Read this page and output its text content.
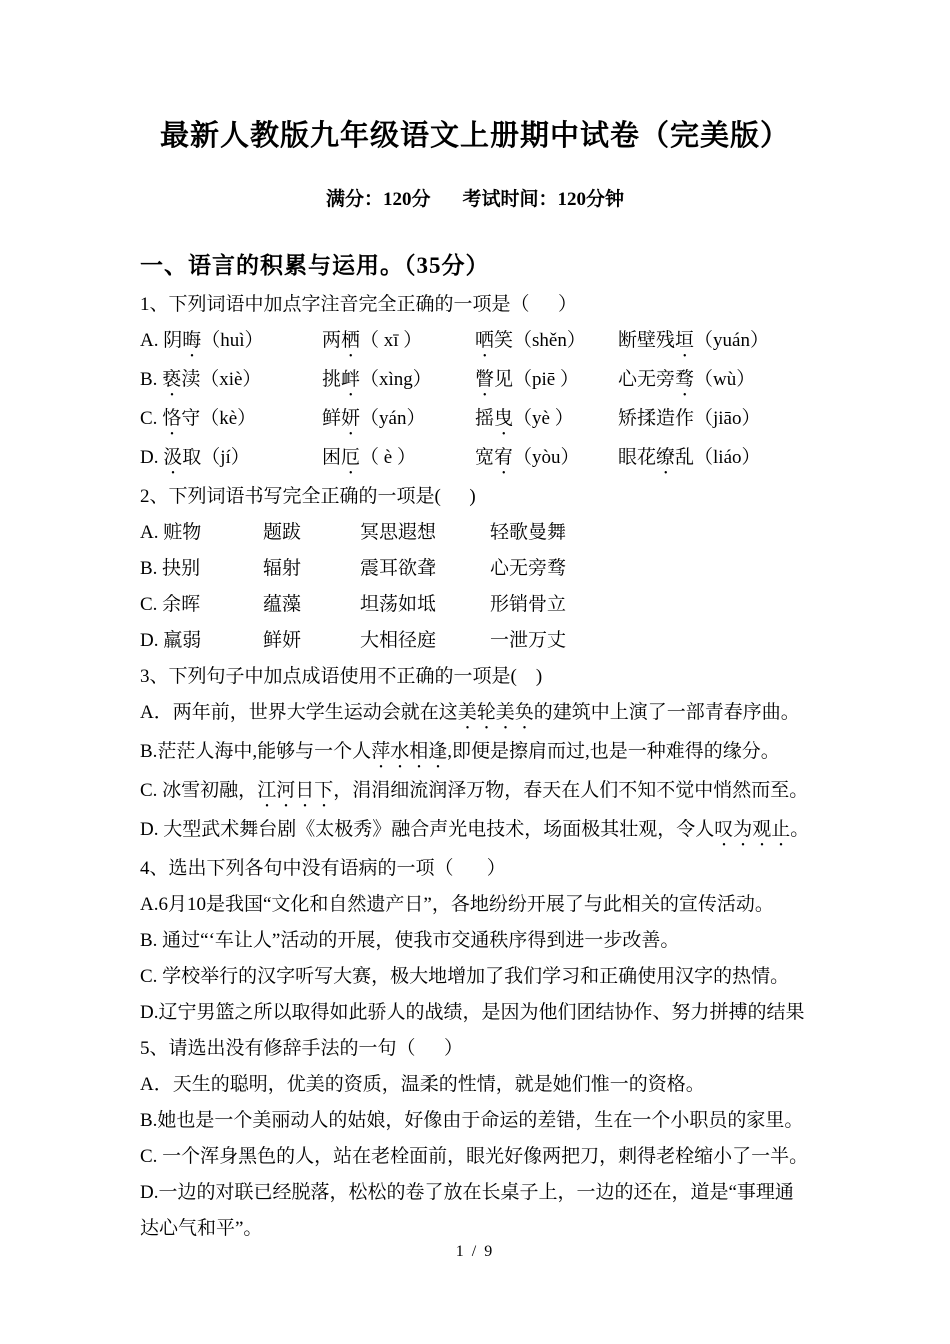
最新人教版九年级语文上册期中试卷（完美版）
满分：120分 考试时间：120分钟
一、语言的积累与运用。（35分）
1、下列词语中加点字注音完全正确的一项是（      ）
A. 阴晦（huì）	两栖（ xī ）	哂笑（shěn）	断壁残垣（yuán）
B. 亵渎（xiè）	挑衅（xìng）	瞥见（piē ）	心无旁骛（wù）
C. 恪守（kè）	鲜妍（yán）	摇曳（yè ）	矫揉造作（jiāo）
D. 汲取（jí）	困厄（ è ）	宽宥（yòu）	眼花缭乱（liáo）
2、下列词语书写完全正确的一项是(      )
A. 赃物	题跋	冥思遐想	轻歌曼舞
B. 抉别	辐射	震耳欲聋	心无旁骛
C. 余晖	蕴藻	坦荡如坻	形销骨立
D. 羸弱	鲜妍	大相径庭	一泄万丈
3、下列句子中加点成语使用不正确的一项是(    )
A．两年前，世界大学生运动会就在这美轮美奂的建筑中上演了一部青春序曲。
B.茫茫人海中,能够与一个人萍水相逢,即便是擦肩而过,也是一种难得的缘分。
C. 冰雪初融，江河日下，涓涓细流润泽万物，春天在人们不知不觉中悄然而至。
D. 大型武术舞台剧《太极秀》融合声光电技术，场面极其壮观，令人叹为观止。
4、选出下列各句中没有语病的一项（       ）
A.6月10是我国“文化和自然遗产日”，各地纷纷开展了与此相关的宣传活动。
B. 通过“‘车让人”活动的开展，使我市交通秩序得到进一步改善。
C. 学校举行的汉字听写大赛，极大地增加了我们学习和正确使用汉字的热情。
D.辽宁男篮之所以取得如此骄人的战绩，是因为他们团结协作、努力拼搏的结果
5、请选出没有修辞手法的一句（      ）
A．天生的聪明，优美的资质，温柔的性情，就是她们惟一的资格。
B.她也是一个美丽动人的姑娘，好像由于命运的差错，生在一个小职员的家里。
C. 一个浑身黑色的人，站在老栓面前，眼光好像两把刀，刺得老栓缩小了一半。
D.一边的对联已经脱落，松松的卷了放在长桌子上，一边的还在，道是“事理通达心气和平”。
1 / 9
